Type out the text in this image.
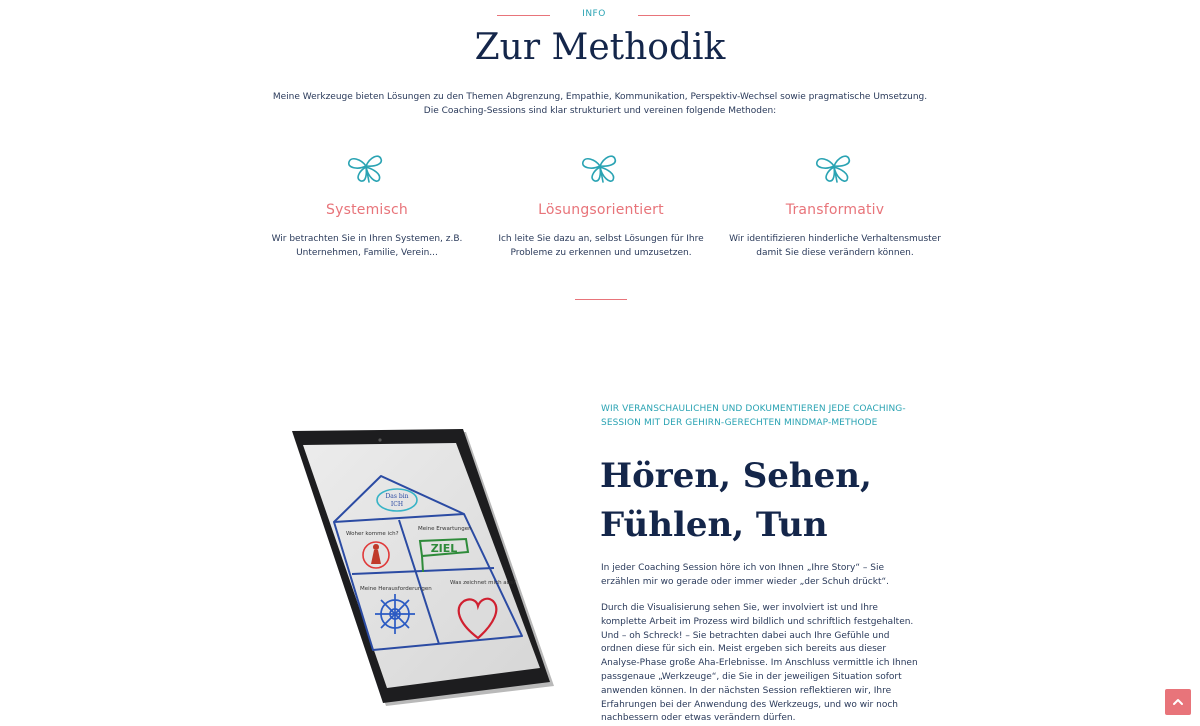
INFO
Zur Methodik
Meine Werkzeuge bieten Lösungen zu den Themen Abgrenzung, Empathie, Kommunikation, Perspektiv-Wechsel sowie pragmatische Umsetzung.
Die Coaching-Sessions sind klar strukturiert und vereinen folgende Methoden:
Systemisch

Wir betrachten Sie in Ihren Systemen, z.B.
Unternehmen, Familie, Verein...

Lösungsorientiert

Ich leite Sie dazu an, selbst Lösungen für Ihre
Probleme zu erkennen und umzusetzen.

Transformativ

Wir identifizieren hinderliche Verhaltensmuster
damit Sie diese verändern können.

Das bin
ICH
Woher komme ich?
Meine Erwartungen
Meine Herausforderungen
Was zeichnet mich aus?
ZIEL
WIR VERANSCHAULICHEN UND DOKUMENTIEREN JEDE COACHING-SESSION MIT DER GEHIRN-GERECHTEN MINDMAP-METHODE
Hören, Sehen,
Fühlen, Tun

In jeder Coaching Session höre ich von Ihnen „Ihre Story“ – Sie erzählen mir wo gerade oder immer wieder „der Schuh drückt“.

Durch die Visualisierung sehen Sie, wer involviert ist und Ihre komplette Arbeit im Prozess wird bildlich und schriftlich festgehalten. Und – oh Schreck! – Sie betrachten dabei auch Ihre Gefühle und ordnen diese für sich ein. Meist ergeben sich bereits aus dieser Analyse-Phase große Aha-Erlebnisse. Im Anschluss vermittle ich Ihnen passgenaue „Werkzeuge“, die Sie in der jeweiligen Situation sofort anwenden können. In der nächsten Session reflektieren wir, Ihre Erfahrungen bei der Anwendung des Werkzeugs, und wo wir noch nachbessern oder etwas verändern dürfen.
